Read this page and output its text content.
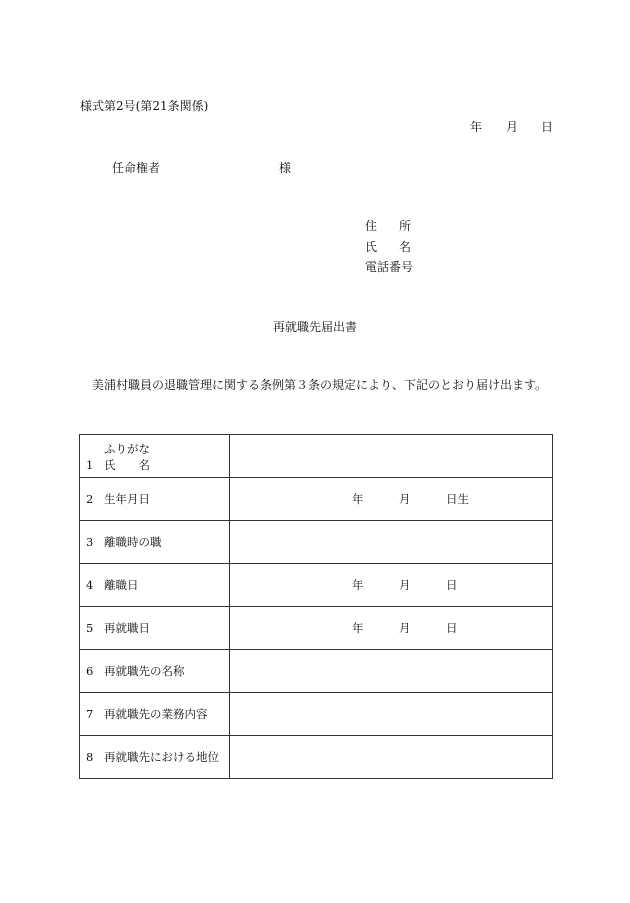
様式第2号(第21条関係)
年 月 日
任命権者	様
住所
氏名
電話番号
再就職先届出書
美浦村職員の退職管理に関する条例第３条の規定により、下記のとおり届け出ます。
ふりがな
1 氏名	

2 生年月日	年 月 日生

3 離職時の職	
4 離職日	年 月 日

5 再就職日	年 月 日

6 再就職先の名称	
7 再就職先の業務内容	
8 再就職先における地位	
